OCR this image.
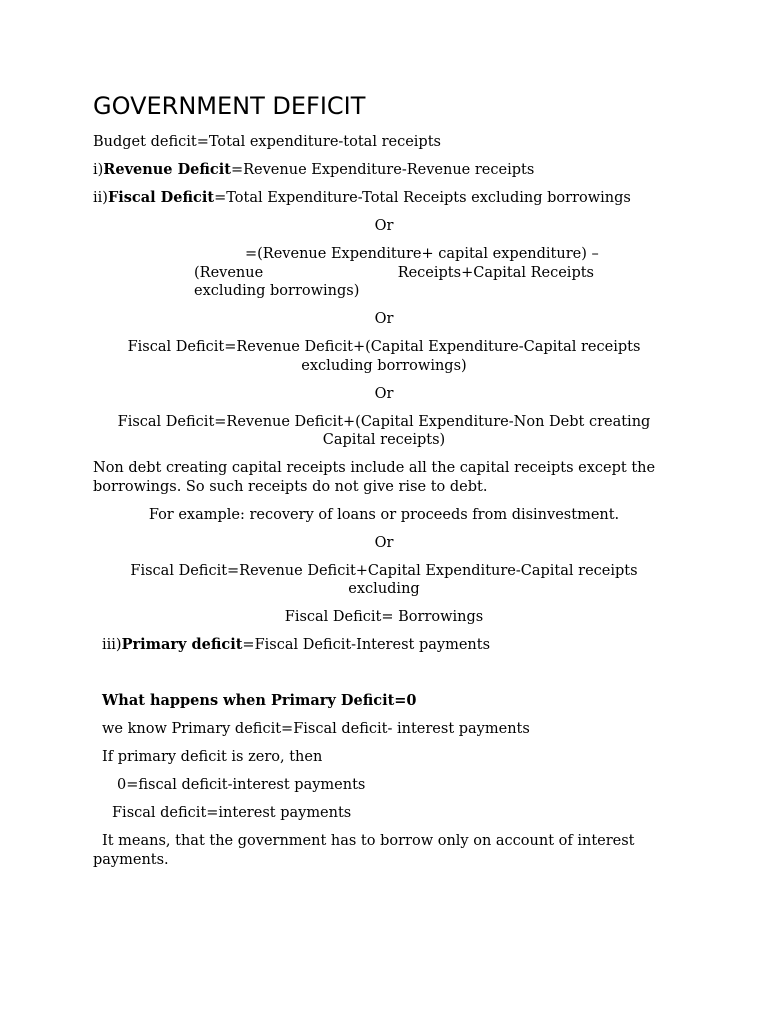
GOVERNMENT DEFICIT
Budget deficit=Total expenditure-total receipts
i)Revenue Deficit=Revenue Expenditure-Revenue receipts
ii)Fiscal Deficit=Total Expenditure-Total Receipts excluding borrowings
Or
=(Revenue Expenditure+ capital expenditure) –
(Revenue	Receipts+Capital Receipts
excluding borrowings)
Or
Fiscal Deficit=Revenue Deficit+(Capital Expenditure-Capital receipts
excluding borrowings)
Or
Fiscal Deficit=Revenue Deficit+(Capital Expenditure-Non Debt creating
Capital receipts)
Non debt creating capital receipts include all the capital receipts except the borrowings. So such receipts do not give rise to debt.
For example: recovery of loans or proceeds from disinvestment.
Or
Fiscal Deficit=Revenue Deficit+Capital Expenditure-Capital receipts
excluding
Fiscal Deficit= Borrowings
iii)Primary deficit=Fiscal Deficit-Interest payments
What happens when Primary Deficit=0
we know Primary deficit=Fiscal deficit- interest payments
If primary deficit is zero, then
0=fiscal deficit-interest payments
Fiscal deficit=interest payments
It means, that the government has to borrow only on account of interest payments.
